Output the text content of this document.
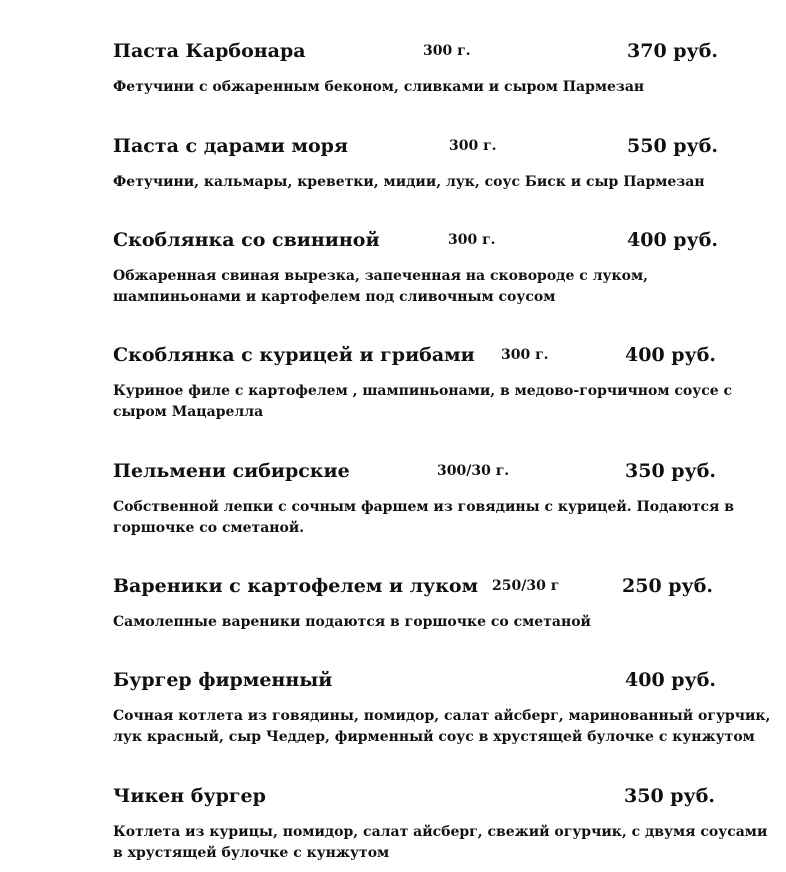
Паста Карбонара	300 г.	370 руб.
Фетучини с обжаренным беконом, сливками и сыром Пармезан
Паста с дарами моря	300 г.	550 руб.
Фетучини, кальмары, креветки, мидии, лук, соус Биск и сыр Пармезан
Скоблянка со свининой	300 г.	400 руб.
Обжаренная свиная вырезка, запеченная на сковороде с луком,
шампиньонами и картофелем под сливочным соусом
Скоблянка с курицей и грибами 300 г.	400 руб.
Куриное филе с картофелем , шампиньонами, в медово-горчичном соусе с
сыром Мацарелла
Пельмени сибирские	300/30 г.	350 руб.
Собственной лепки с сочным фаршем из говядины с курицей. Подаются в
горшочке со сметаной.
Вареники с картофелем и луком 250/30 г	250 руб.
Самолепные вареники подаются в горшочке со сметаной
Бургер фирменный	400 руб.
Сочная котлета из говядины, помидор, салат айсберг, маринованный огурчик,
лук красный, сыр Чеддер, фирменный соус в хрустящей булочке с кунжутом
Чикен бургер	350 руб.
Котлета из курицы, помидор, салат айсберг, свежий огурчик, с двумя соусами
в хрустящей булочке с кунжутом
